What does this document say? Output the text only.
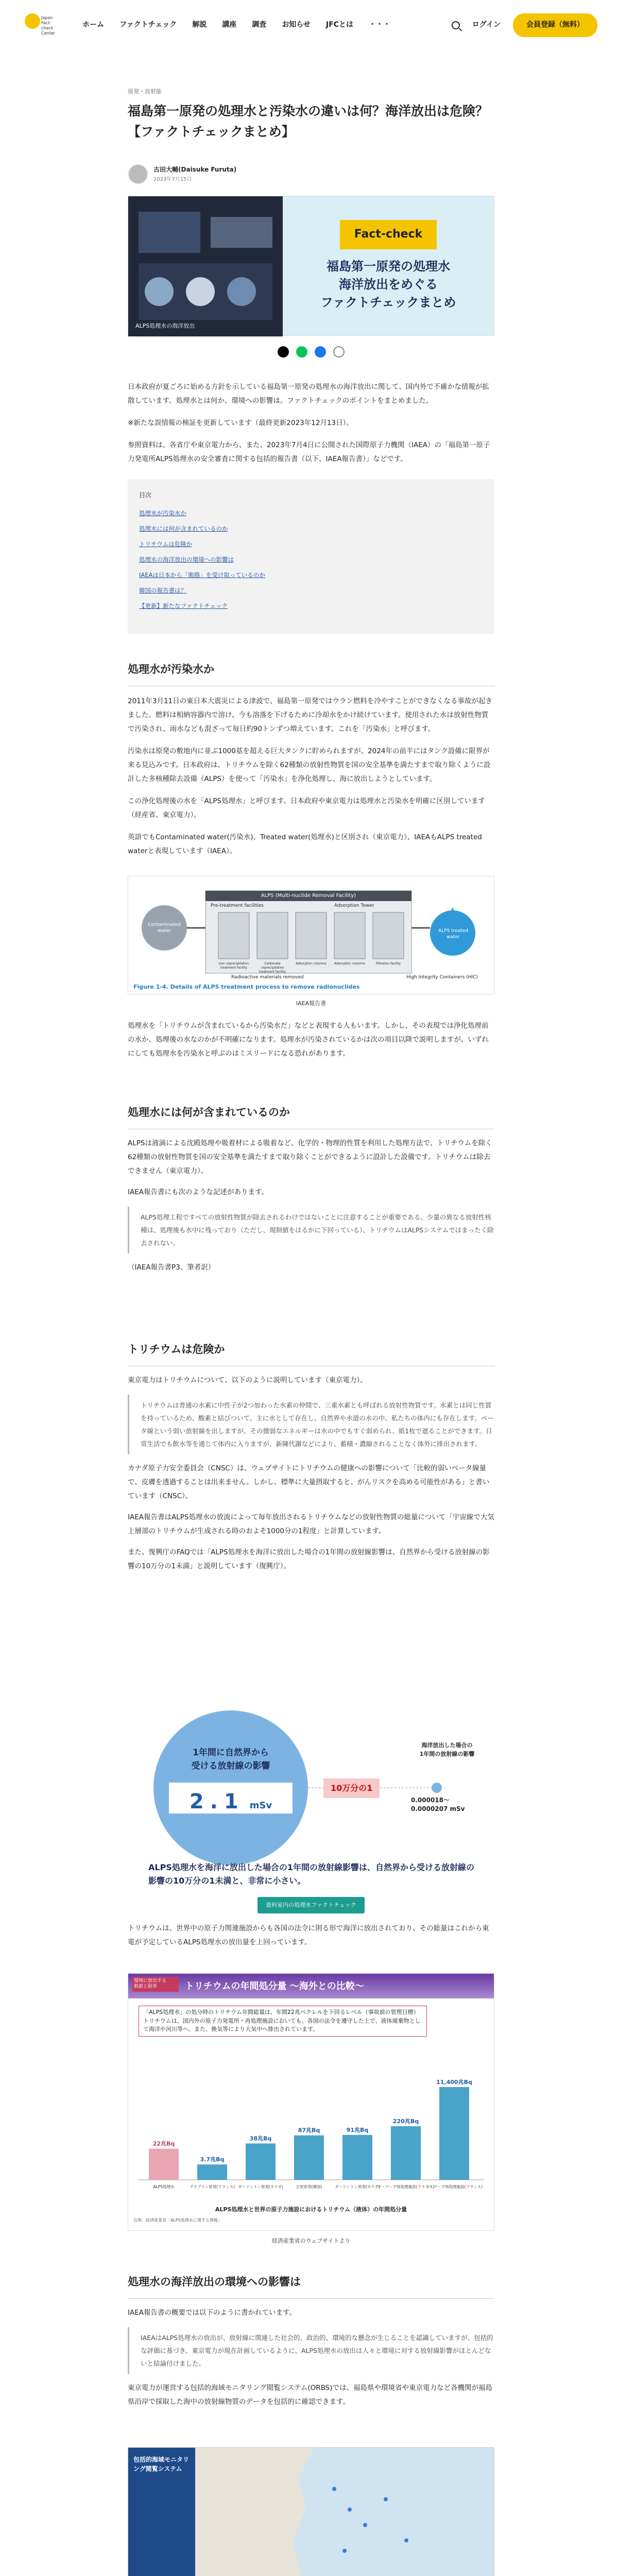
Japan Fact-check Center
ホーム ファクトチェック 解説 講座 調査 お知らせ JFCとは ・・・	ログイン	会員登録（無料）
原発・放射能
福島第一原発の処理水と汚染水の違いは何？海洋放出は危険？【ファクトチェックまとめ】
古田大輔(Daisuke Furuta)
2023年7月15日
ALPS処理水の海洋放出
Fact-check
福島第一原発の処理水
海洋放出をめぐる
ファクトチェックまとめ

日本政府が夏ごろに始める方針を示している福島第一原発の処理水の海洋放出に関して、国内外で不確かな情報が拡散しています。処理水とは何か、環境への影響は。ファクトチェックのポイントをまとめました。

※新たな誤情報の検証を更新しています（最終更新2023年12月13日）。

参照資料は、各省庁や東京電力から、また、2023年7月4日に公開された国際原子力機関（IAEA）の「福島第一原子力発電所ALPS処理水の安全審査に関する包括的報告書（以下、IAEA報告書）」などです。

目次
処理水が汚染水か
処理水には何が含まれているのか
トリチウムは危険か
処理水の海洋放出の環境への影響は
IAEAは日本から「賄賂」を受け取っているのか
韓国の報告書は？
【更新】新たなファクトチェック
処理水が汚染水か

2011年3月11日の東日本大震災による津波で、福島第一原発ではウラン燃料を冷やすことができなくなる事故が起きました。燃料は相納容器内で溶け、今も溶落を下げるために冷却水をかけ続けています。使用された水は放射性物質で汚染され、雨水なども混ざって毎日約90トンずつ増えています。これを「汚染水」と呼びます。

汚染水は原発の敷地内に並ぶ1000基を超える巨大タンクに貯められますが、2024年の前半にはタンク設備に限界が来る見込みです。日本政府は、トリチウムを除く62種類の放射性物質を国の安全基準を満たすまで取り除くように設計した多核種除去設備（ALPS）を使って「汚染水」を浄化処理し、海に放出しようとしています。

この浄化処理後の水を「ALPS処理水」と呼びます。日本政府や東京電力は処理水と汚染水を明確に区別しています（経産省、東京電力）。

英語でもContaminated water(汚染水)、Treated water(処理水)と区別され（東京電力）、IAEAもALPS treated waterと表現しています（IAEA）。

ALPS (Multi-nuclide Removal Facility)
Pre-treatment facilities	Adsorption Tower
Contaminated water	ALPS treated water
Iron coprecipitation treatment facility
Carbonate coprecipitation treatment facility
Adsorption columns	Adsorption columns	Filtration facility
Radioactive materials removed	High Integrity Containers (HIC)
Figure 1-4. Details of ALPS treatment process to remove radionuclides
IAEA報告書

処理水を「トリチウムが含まれているから汚染水だ」などと表現する人もいます。しかし、その表現では浄化処理前の水か、処理後の水なのかが不明確になります。処理水が汚染されているかは次の項目以降で説明しますが、いずれにしても処理水を汚染水と呼ぶのはミスリードになる恐れがあります。

処理水には何が含まれているのか

ALPSは液滴による沈殿処理や吸着材による吸着など、化学的・物理的性質を利用した処理方法で、トリチウムを除く62種類の放射性物質を国の安全基準を満たすまで取り除くことができるように設計した設備です。トリチウムは除去できません（東京電力）。

IAEA報告書にも次のような記述があります。

ALPS処理工程ですべての放射性物質が除去されるわけではないことに注意することが重要である。少量の異なる放射性核種は、処理後も水中に残っており（ただし、規制値をはるかに下回っている）、トリチウムはALPSシステムではまったく除去されない。

（IAEA報告書P3、筆者訳）

トリチウムは危険か

東京電力はトリチウムについて、以下のように説明しています（東京電力）。

トリチウムは普通の水素に中性子が2つ加わった水素の仲間で、三重水素とも呼ばれる放射性物質です。水素とは同じ性質を持っているため、酸素と結びついて、主に水として存在し、自然界や水道の水の中、私たちの体内にも存在します。ベータ線という弱い放射線を出しますが、その微弱なエネルギーは水の中でもすぐ弱められ、紙1枚で遮ることができます。日常生活でも飲水等を通じて体内に入りますが、新陳代謝などにより、蓄積・濃縮されることなく体外に排出されます。

カナダ原子力安全委員会（CNSC）は、ウェブサイトにトリチウムの健康への影響について「比較的弱いベータ線量で、皮膚を透過することは出来ません。しかし、標準に大量摂取すると、がんリスクを高める可能性がある」と書いています（CNSC）。

IAEA報告書はALPS処理水の放流によって毎年放出されるトリチウムなどの放射性物質の総量について「宇宙線で大気上層部のトリチウムが生成される時のおよそ1000分の1程度」と計算しています。

また、復興庁のFAQでは「ALPS処理水を海洋に放出した場合の1年間の放射線影響は、自然界から受ける放射線の影響の10万分の1未満」と説明しています（復興庁）。

1年間に自然界から
受ける放射線の影響
2.1 mSv
10万分の1
海洋放出した場合の
1年間の放射線の影響
0.000018～
0.0000207 mSv
ALPS処理水を海洋に放出した場合の1年間の放射線影響は、自然界から受ける放射線の影響の10万分の1未満と、非常に小さい。
資料室内の処理水ファクトチェック

トリチウムは、世界中の原子力関連施設からも各国の法令に則る形で海洋に放出されており、その総量はこれから東電が予定しているALPS処理水の放出量を上回っています。

環境に放出する
数値と限界	トリチウムの年間処分量 ～海外との比較～
「ALPS処理水」の処分時のトリチウム年間総量は、年間22兆ベクレルを下回るレベル（事故前の管理目標）
トリチウムは、国内外の原子力発電所・再処理施設においても、各国の法令を遵守した上で、液体廃棄物として海洋や河川等へ、また、換気等により大気中へ排出されています。
22兆Bq
ALPS処理水
3.7兆Bq
グラブリン原発(フランス)
38兆Bq
ダーリントン原発(カナダ)
87兆Bq
古里原発(韓国)
91兆Bq
ダーリントン原発(カナダ)
220兆Bq
ラ・アーグ再処理施設(フランス)
11,400兆Bq
ラ・アーグ再処理施設(フランス)
ALPS処理水と世界の原子力施設におけるトリチウム（液体）の年間処分量
出典：経済産業省「ALPS処理水に関する情報」
経済産業省のウェブサイトより
処理水の海洋放出の環境への影響は

IAEA報告書の概要では以下のように書かれています。

IAEAはALPS処理水の放出が、放射線に関連した社会的、政治的、環境的な懸念が生じることを認識していますが、包括的な評価に基づき、東京電力が現在計画しているように、ALPS処理水の放出は人々と環境に対する放射線影響がほとんどないと結論付けました。

東京電力が運営する包括的海域モニタリング閲覧システム(ORBS)では、福島県や環境省や東京電力など各機関が福島県沿岸で採取した海中の放射線物質のデータを包括的に確認できます。

包括的海域モニタリング閲覧システム
